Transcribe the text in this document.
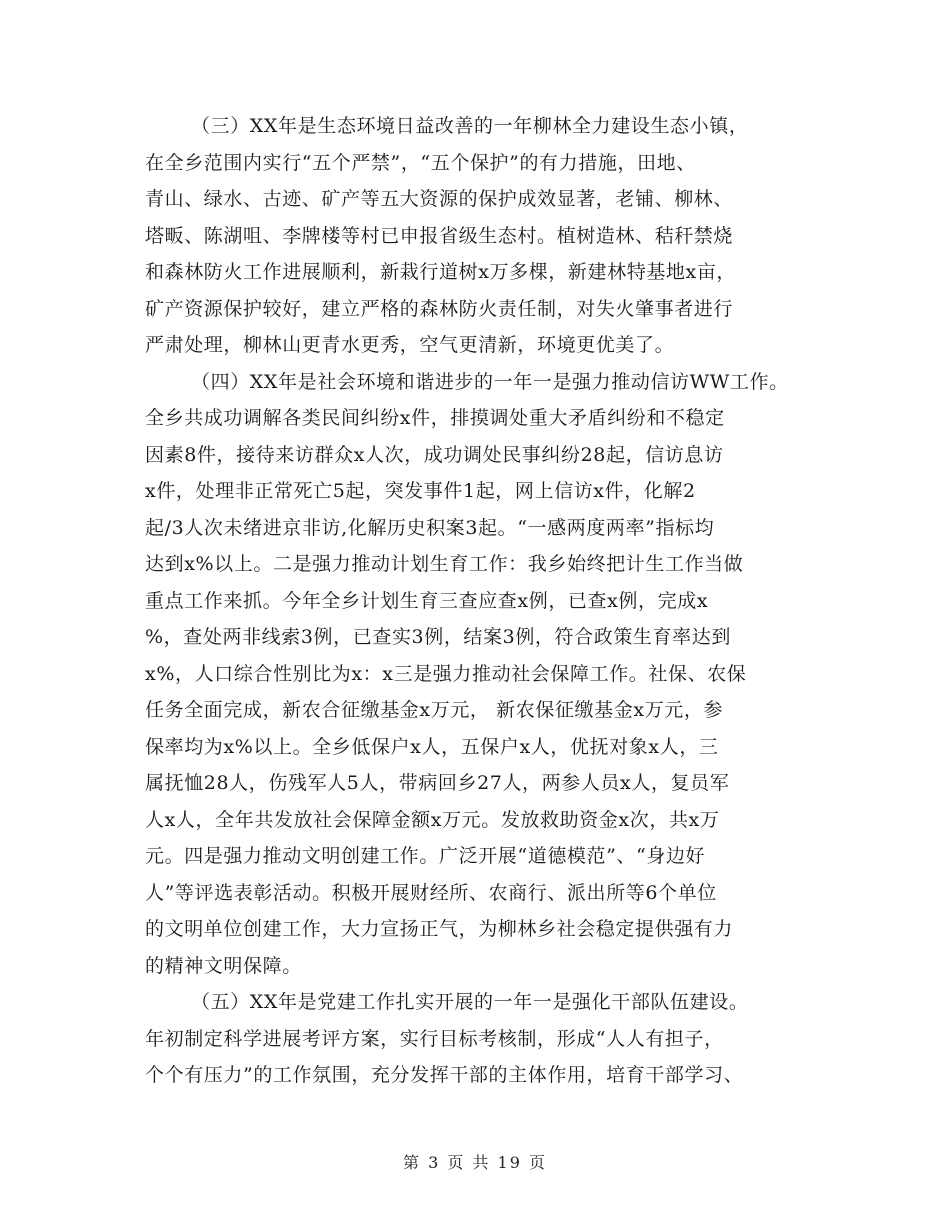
（三）XX年是生态环境日益改善的一年柳林全力建设生态小镇，
在全乡范围内实行“五个严禁”，“五个保护”的有力措施，田地、
青山、绿水、古迹、矿产等五大资源的保护成效显著，老铺、柳林、
塔畈、陈湖咀、李牌楼等村已申报省级生态村。植树造林、秸秆禁烧
和森林防火工作进展顺利，新栽行道树x万多棵，新建林特基地x亩，
矿产资源保护较好，建立严格的森林防火责任制，对失火肇事者进行
严肃处理，柳林山更青水更秀，空气更清新，环境更优美了。
（四）XX年是社会环境和谐进步的一年一是强力推动信访WW工作。
全乡共成功调解各类民间纠纷x件，排摸调处重大矛盾纠纷和不稳定
因素8件，接待来访群众x人次，成功调处民事纠纷28起，信访息访
x件，处理非正常死亡5起，突发事件1起，网上信访x件，化解2
起/3人次未绪进京非访,化解历史积案3起。“一感两度两率”指标均
达到x%以上。二是强力推动计划生育工作：我乡始终把计生工作当做
重点工作来抓。今年全乡计划生育三查应查x例，已查x例，完成x
%，查处两非线索3例，已查实3例，结案3例，符合政策生育率达到
x%，人口综合性别比为x：x三是强力推动社会保障工作。社保、农保
任务全面完成，新农合征缴基金x万元， 新农保征缴基金x万元，参
保率均为x%以上。全乡低保户x人，五保户x人，优抚对象x人，三
属抚恤28人，伤残军人5人，带病回乡27人，两参人员x人，复员军
人x人，全年共发放社会保障金额x万元。发放救助资金x次，共x万
元。四是强力推动文明创建工作。广泛开展“道德模范”、“身边好
人”等评选表彰活动。积极开展财经所、农商行、派出所等6个单位
的文明单位创建工作，大力宣扬正气，为柳林乡社会稳定提供强有力
的精神文明保障。
（五）XX年是党建工作扎实开展的一年一是强化干部队伍建设。
年初制定科学进展考评方案，实行目标考核制，形成“人人有担子，
个个有压力”的工作氛围，充分发挥干部的主体作用，培育干部学习、
第 3 页 共 19 页
